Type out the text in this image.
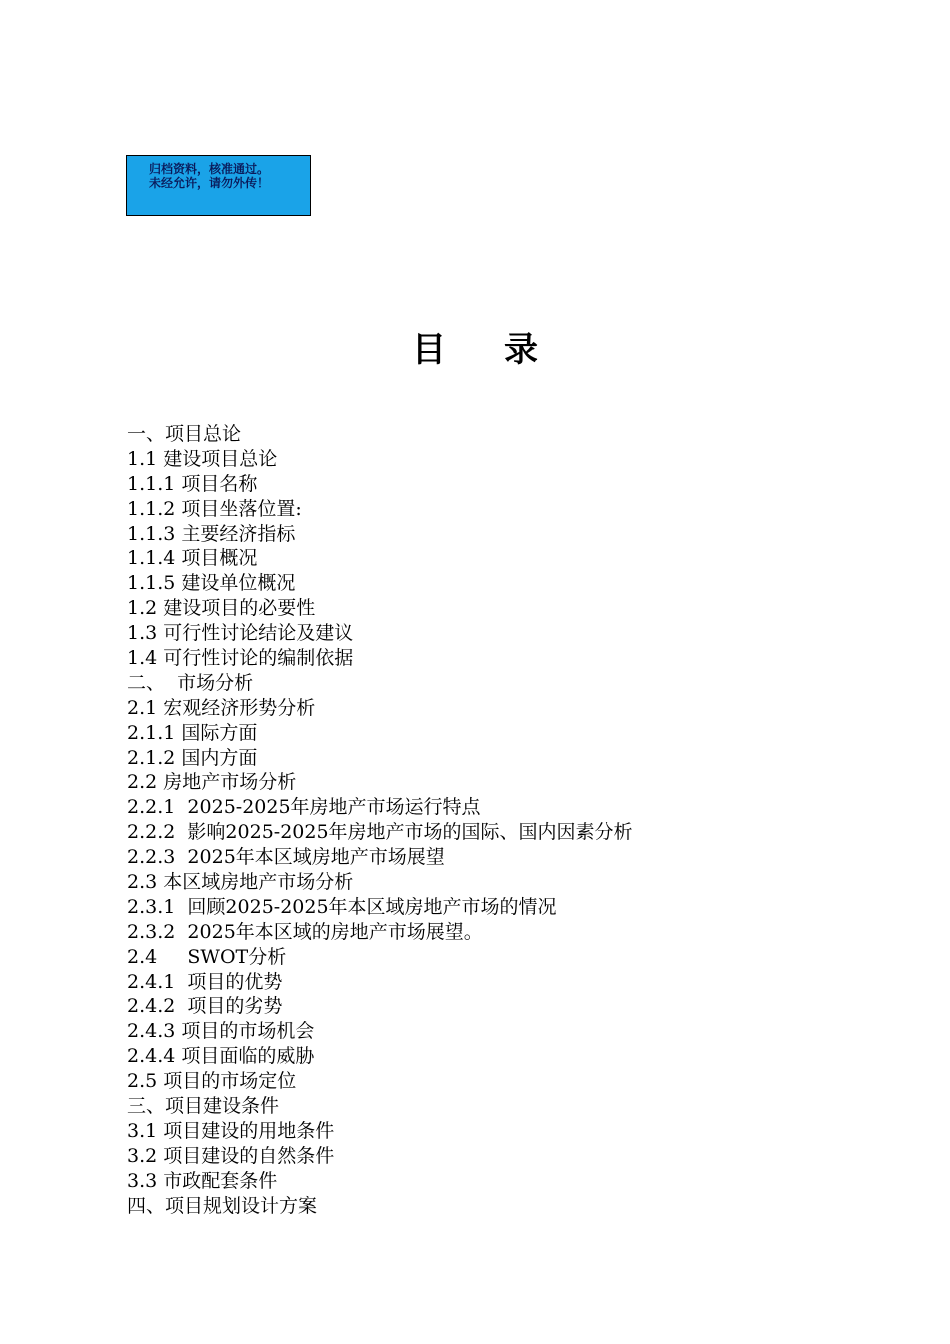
归档资料，核准通过。
未经允许，请勿外传！
目 录
一、项目总论
1.1 建设项目总论
1.1.1 项目名称
1.1.2 项目坐落位置:
1.1.3 主要经济指标
1.1.4 项目概况
1.1.5 建设单位概况
1.2 建设项目的必要性
1.3 可行性讨论结论及建议
1.4 可行性讨论的编制依据
二、  市场分析
2.1 宏观经济形势分析
2.1.1 国际方面
2.1.2 国内方面
2.2 房地产市场分析
2.2.1  2025-2025年房地产市场运行特点
2.2.2  影响2025-2025年房地产市场的国际、国内因素分析
2.2.3  2025年本区域房地产市场展望
2.3 本区域房地产市场分析
2.3.1  回顾2025-2025年本区域房地产市场的情况
2.3.2  2025年本区域的房地产市场展望。
2.4     SWOT分析
2.4.1  项目的优势
2.4.2  项目的劣势
2.4.3 项目的市场机会
2.4.4 项目面临的威胁
2.5 项目的市场定位
三、项目建设条件
3.1 项目建设的用地条件
3.2 项目建设的自然条件
3.3 市政配套条件
四、项目规划设计方案
